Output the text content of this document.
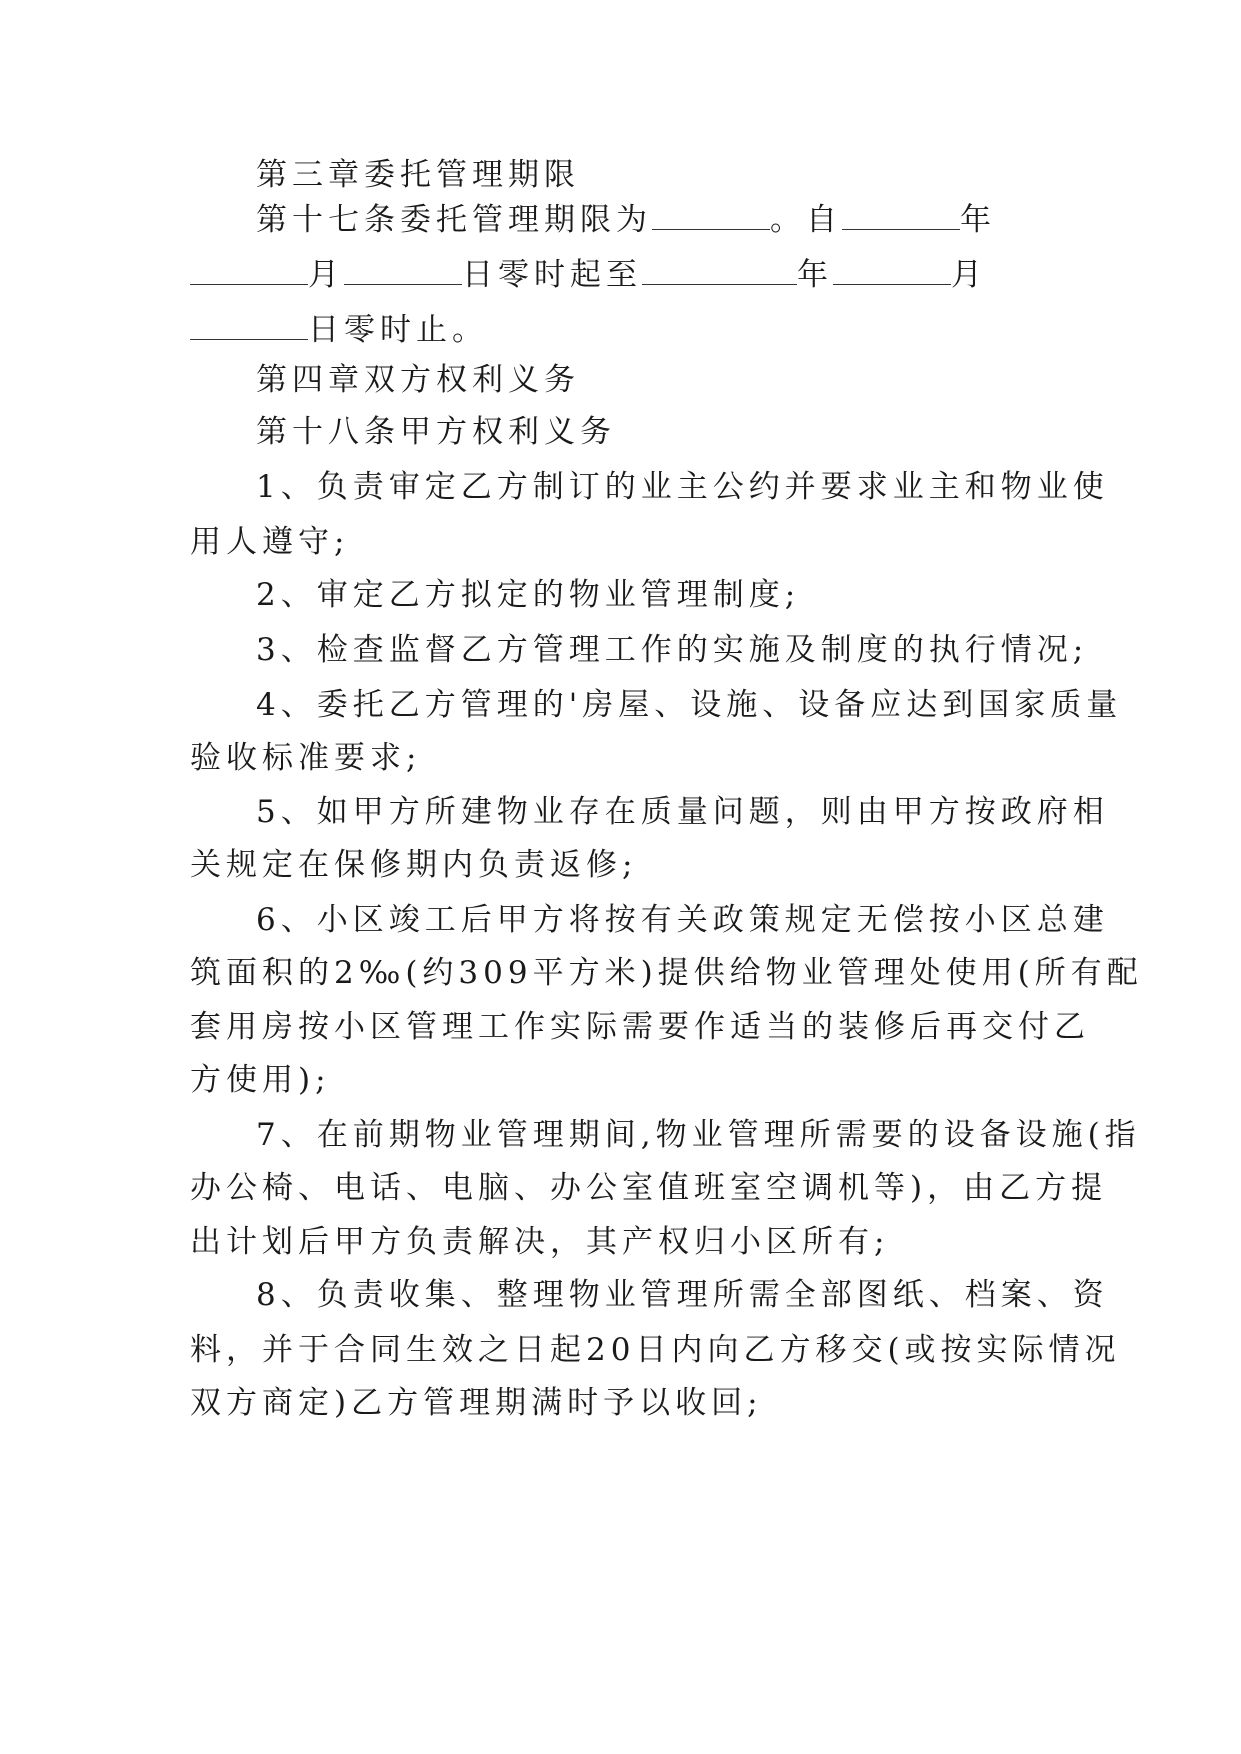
第三章委托管理期限
第十七条委托管理期限为	。自	年
月	日零时起至	年	月
日零时止。
第四章双方权利义务
第十八条甲方权利义务
1、负责审定乙方制订的业主公约并要求业主和物业使
用人遵守;
2、审定乙方拟定的物业管理制度;
3、检查监督乙方管理工作的实施及制度的执行情况;
4、委托乙方管理的'房屋、设施、设备应达到国家质量
验收标准要求;
5、如甲方所建物业存在质量问题，则由甲方按政府相
关规定在保修期内负责返修;
6、小区竣工后甲方将按有关政策规定无偿按小区总建
筑面积的2‰(约309平方米)提供给物业管理处使用(所有配
套用房按小区管理工作实际需要作适当的装修后再交付乙
方使用);
7、在前期物业管理期间,物业管理所需要的设备设施(指
办公椅、电话、电脑、办公室值班室空调机等)，由乙方提
出计划后甲方负责解决，其产权归小区所有;
8、负责收集、整理物业管理所需全部图纸、档案、资
料，并于合同生效之日起20日内向乙方移交(或按实际情况
双方商定)乙方管理期满时予以收回;
